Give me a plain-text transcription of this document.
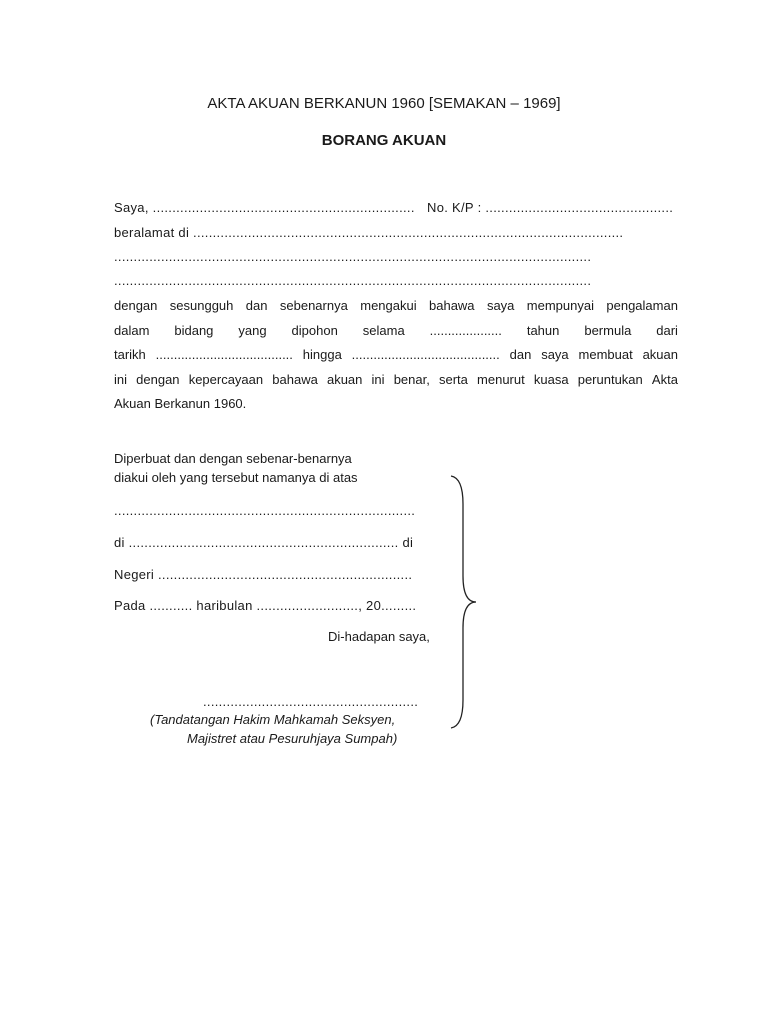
AKTA AKUAN BERKANUN 1960 [SEMAKAN – 1969]
BORANG AKUAN
Saya, ................................................................... No. K/P : ................................................
beralamat di ..............................................................................................................
..........................................................................................................................
..........................................................................................................................
dengan sesungguh dan sebenarnya mengakui bahawa saya mempunyai pengalaman
dalam bidang yang dipohon selama .................... tahun bermula dari
tarikh ...................................... hingga ......................................... dan saya membuat akuan
ini dengan kepercayaan bahawa akuan ini benar, serta menurut kuasa peruntukan Akta
Akuan Berkanun 1960.
Diperbuat dan dengan sebenar-benarnya
diakui oleh yang tersebut namanya di atas
.............................................................................
di ..................................................................... di
Negeri .................................................................
Pada ........... haribulan .........................., 20.........
Di-hadapan saya,
.......................................................
(Tandatangan Hakim Mahkamah Seksyen,
Majistret atau Pesuruhjaya Sumpah)
